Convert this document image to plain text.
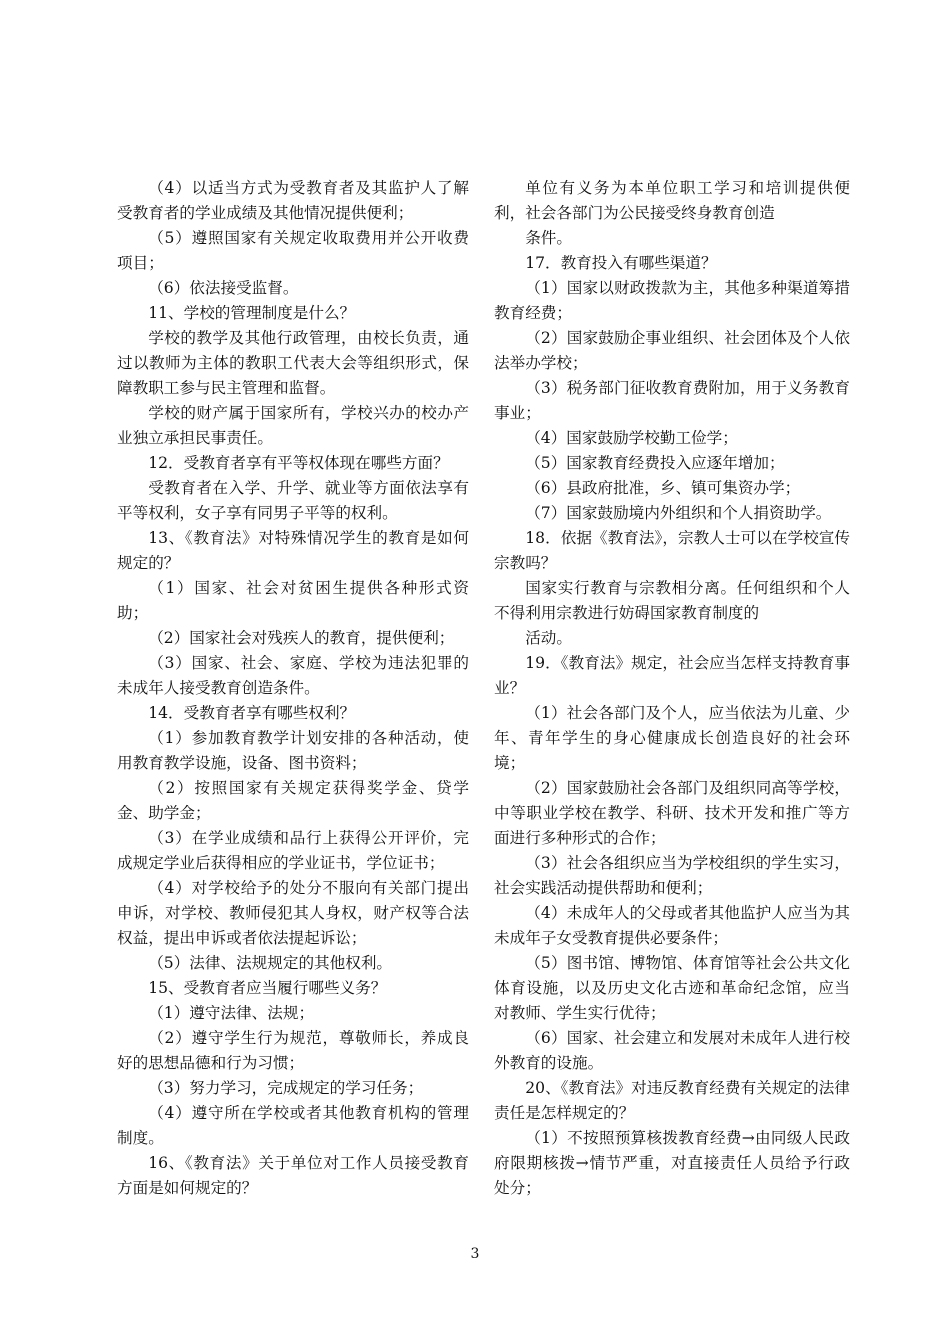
（4）以适当方式为受教育者及其监护人了解受教育者的学业成绩及其他情况提供便利；

（5）遵照国家有关规定收取费用并公开收费项目；

（6）依法接受监督。

11、学校的管理制度是什么？

学校的教学及其他行政管理，由校长负责，通过以教师为主体的教职工代表大会等组织形式，保障教职工参与民主管理和监督。

学校的财产属于国家所有，学校兴办的校办产业独立承担民事责任。

12．受教育者享有平等权体现在哪些方面？

受教育者在入学、升学、就业等方面依法享有平等权利，女子享有同男子平等的权利。

13、《教育法》对特殊情况学生的教育是如何规定的？

（1）国家、社会对贫困生提供各种形式资助；

（2）国家社会对残疾人的教育，提供便利；

（3）国家、社会、家庭、学校为违法犯罪的未成年人接受教育创造条件。

14．受教育者享有哪些权利？

（1）参加教育教学计划安排的各种活动，使用教育教学设施，设备、图书资料；

（2）按照国家有关规定获得奖学金、贷学金、助学金；

（3）在学业成绩和品行上获得公开评价，完成规定学业后获得相应的学业证书，学位证书；

（4）对学校给予的处分不服向有关部门提出申诉，对学校、教师侵犯其人身权，财产权等合法权益，提出申诉或者依法提起诉讼；

（5）法律、法规规定的其他权利。

15、受教育者应当履行哪些义务？

（1）遵守法律、法规；

（2）遵守学生行为规范，尊敬师长，养成良好的思想品德和行为习惯；

（3）努力学习，完成规定的学习任务；

（4）遵守所在学校或者其他教育机构的管理制度。

16、《教育法》关于单位对工作人员接受教育方面是如何规定的？

单位有义务为本单位职工学习和培训提供便利，社会各部门为公民接受终身教育创造

条件。

17．教育投入有哪些渠道？

（1）国家以财政拨款为主，其他多种渠道筹措教育经费；

（2）国家鼓励企事业组织、社会团体及个人依法举办学校；

（3）税务部门征收教育费附加，用于义务教育事业；

（4）国家鼓励学校勤工俭学；

（5）国家教育经费投入应逐年增加；

（6）县政府批准，乡、镇可集资办学；

（7）国家鼓励境内外组织和个人捐资助学。

18．依据《教育法》，宗教人士可以在学校宣传宗教吗？

国家实行教育与宗教相分离。任何组织和个人不得利用宗教进行妨碍国家教育制度的

活动。

19．《教育法》规定，社会应当怎样支持教育事业？

（1）社会各部门及个人，应当依法为儿童、少年、青年学生的身心健康成长创造良好的社会环境；

（2）国家鼓励社会各部门及组织同高等学校，中等职业学校在教学、科研、技术开发和推广等方面进行多种形式的合作；

（3）社会各组织应当为学校组织的学生实习，社会实践活动提供帮助和便利；

（4）未成年人的父母或者其他监护人应当为其未成年子女受教育提供必要条件；

（5）图书馆、博物馆、体育馆等社会公共文化体育设施，以及历史文化古迹和革命纪念馆，应当对教师、学生实行优待；

（6）国家、社会建立和发展对未成年人进行校外教育的设施。

20、《教育法》对违反教育经费有关规定的法律责任是怎样规定的？

（1）不按照预算核拨教育经费→由同级人民政府限期核拨→情节严重，对直接责任人员给予行政处分；

3
